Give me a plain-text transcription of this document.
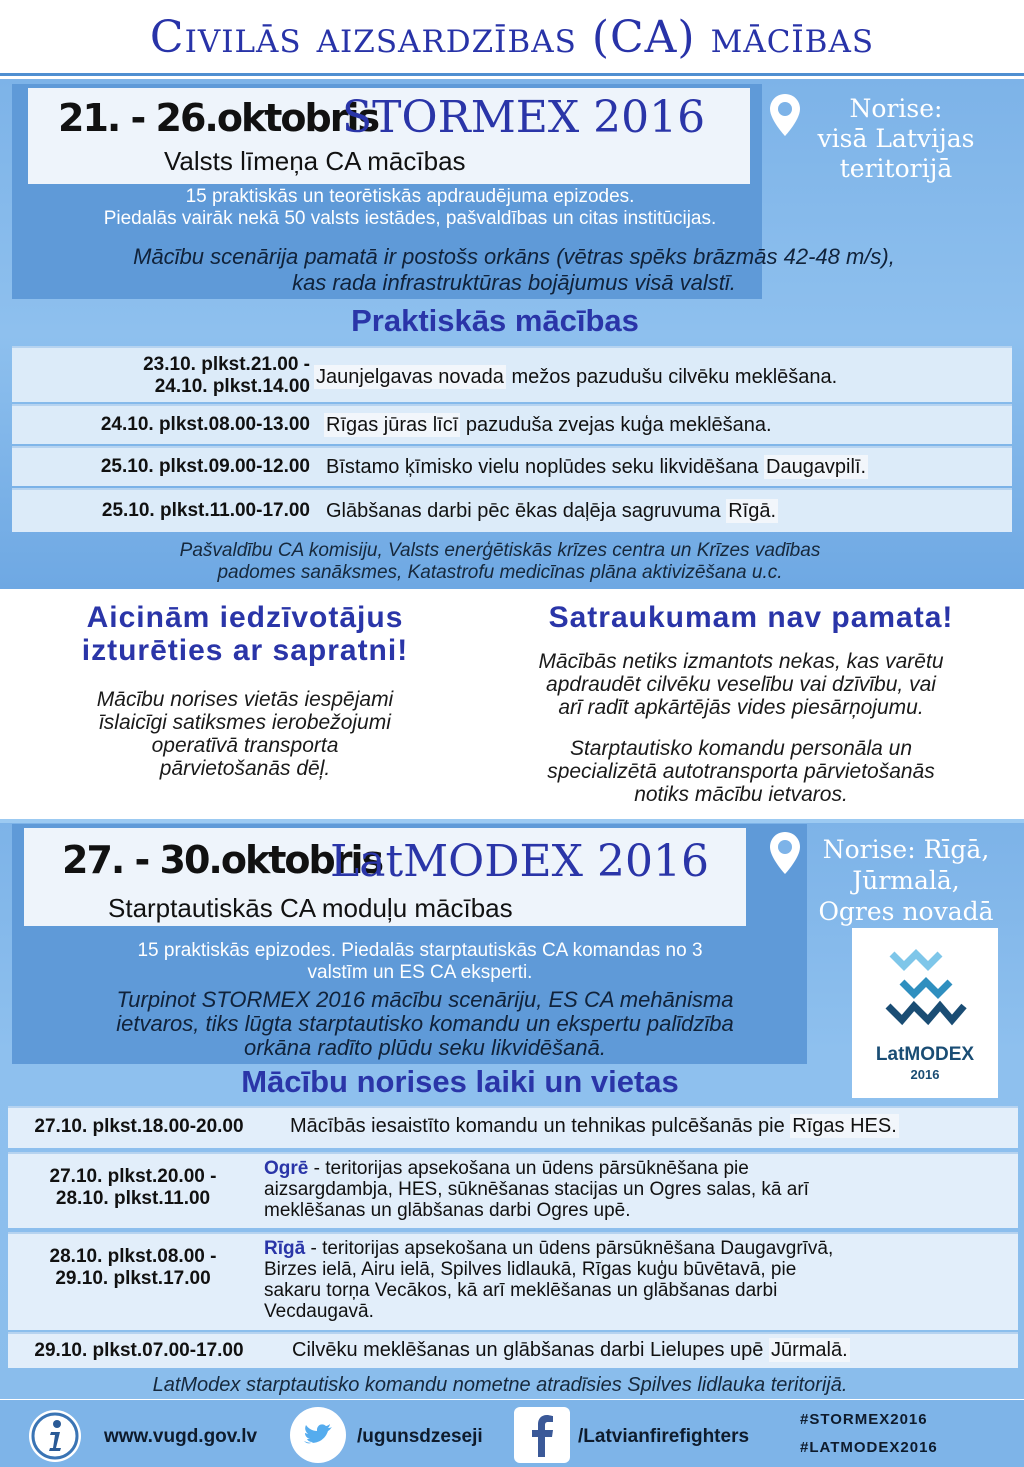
Civilās aizsardzības (CA) mācības
21. - 26.oktobris
STORMEX 2016
Valsts līmeņa CA mācības
Norise:
visā Latvijas
teritorijā
15 praktiskās un teorētiskās apdraudējuma epizodes.
Piedalās vairāk nekā 50 valsts iestādes, pašvaldības un citas institūcijas.
Mācību scenārija pamatā ir postošs orkāns (vētras spēks brāzmās 42-48 m/s),
kas rada infrastruktūras bojājumus visā valstī.
Praktiskās mācības
23.10. plkst.21.00 -
24.10. plkst.14.00 Jaunjelgavas novada mežos pazudušu cilvēku meklēšana.
24.10. plkst.08.00-13.00 Rīgas jūras līcī pazudušа zvejas kuģa meklēšana.
25.10. plkst.09.00-12.00 Bīstamo ķīmisko vielu noplūdes seku likvidēšana Daugavpilī.
25.10. plkst.11.00-17.00 Glābšanas darbi pēc ēkas daļēja sagruvuma Rīgā.
Pašvaldību CA komisiju, Valsts enerģētiskās krīzes centra un Krīzes vadības
padomes sanāksmes, Katastrofu medicīnas plāna aktivizēšana u.c.
Aicinām iedzīvotājus
izturēties ar sapratni!
Mācību norises vietās iespējami
īslaicīgi satiksmes ierobežojumi
operatīvā transporta
pārvietošanās dēļ.
Satraukumam nav pamata!
Mācībās netiks izmantots nekas, kas varētu
apdraudēt cilvēku veselību vai dzīvību, vai
arī radīt apkārtējās vides piesārņojumu.
Starptautisko komandu personāla un
specializētā autotransporta pārvietošanās
notiks mācību ietvaros.
27. - 30.oktobris
LatMODEX 2016
Starptautiskās CA moduļu mācības
Norise: Rīgā,
Jūrmalā,
Ogres novadā
15 praktiskās epizodes. Piedalās starptautiskās CA komandas no 3
valstīm un ES CA eksperti.
Turpinot STORMEX 2016 mācību scenāriju, ES CA mehānisma
ietvaros, tiks lūgta starptautisko komandu un ekspertu palīdzība
orkāna radīto plūdu seku likvidēšanā.	LatMODEX
2016
Mācību norises laiki un vietas
27.10. plkst.18.00-20.00	Mācībās iesaistīto komandu un tehnikas pulcēšanās pie Rīgas HES.
27.10. plkst.20.00 -
28.10. plkst.11.00
Ogrē - teritorijas apsekošana un ūdens pārsūknēšana pie
aizsargdambja, HES, sūknēšanas stacijas un Ogres salas, kā arī
meklēšanas un glābšanas darbi Ogres upē.
28.10. plkst.08.00 -
29.10. plkst.17.00
Rīgā - teritorijas apsekošana un ūdens pārsūknēšana Daugavgrīvā,
Birzes ielā, Airu ielā, Spilves lidlaukā, Rīgas kuģu būvētavā, pie
sakaru torņa Vecākos, kā arī meklēšanas un glābšanas darbi
Vecdaugavā.
29.10. plkst.07.00-17.00	Cilvēku meklēšanas un glābšanas darbi Lielupes upē Jūrmalā.
LatModex starptautisko komandu nometne atradīsies Spilves lidlauka teritorijā.
www.vugd.gov.lv	/ugunsdzeseji	/Latvianfirefighters
#STORMEX2016
#LATMODEX2016
